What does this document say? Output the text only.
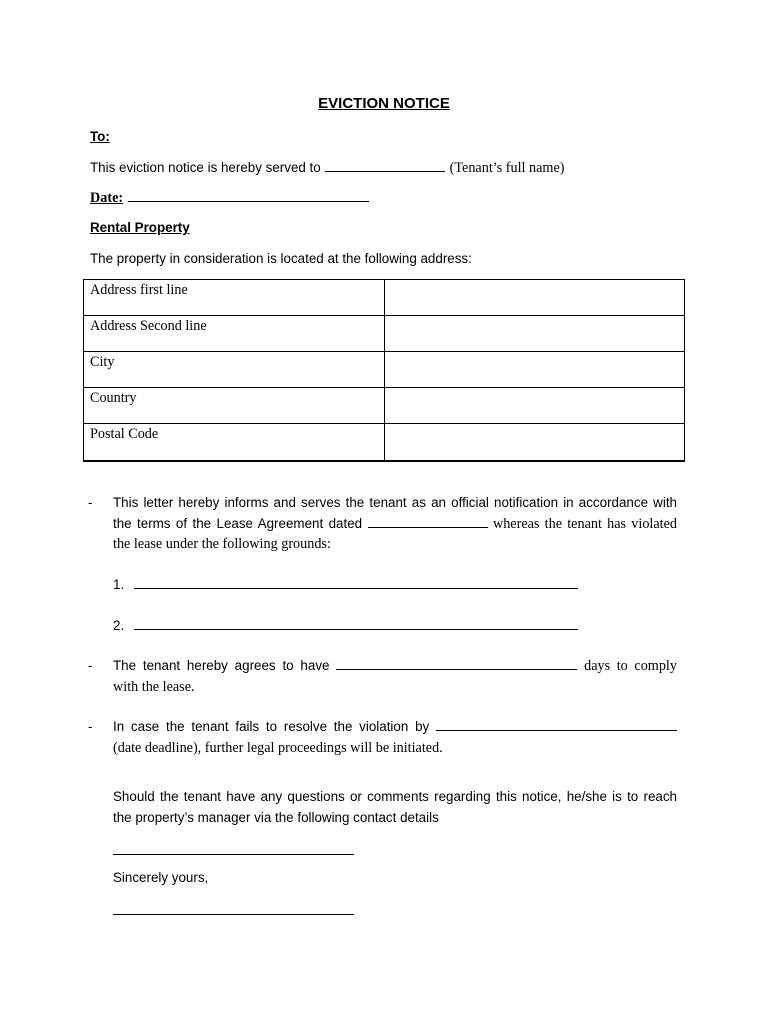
EVICTION NOTICE
To:
This eviction notice is hereby served to	(Tenant’s full name)
Date:
Rental Property
The property in consideration is located at the following address:
Address first line	
Address Second line	
City	
Country	
Postal Code	
- This letter hereby informs and serves the tenant as an official notification in accordance with the terms of the Lease Agreement dated	whereas the tenant has violated the lease under the following grounds:
1.
2.
- The tenant hereby agrees to have	days to comply with the lease.
- In case the tenant fails to resolve the violation by  (date deadline), further legal proceedings will be initiated.
Should the tenant have any questions or comments regarding this notice, he/she is to reach the property’s manager via the following contact details
Sincerely yours,
